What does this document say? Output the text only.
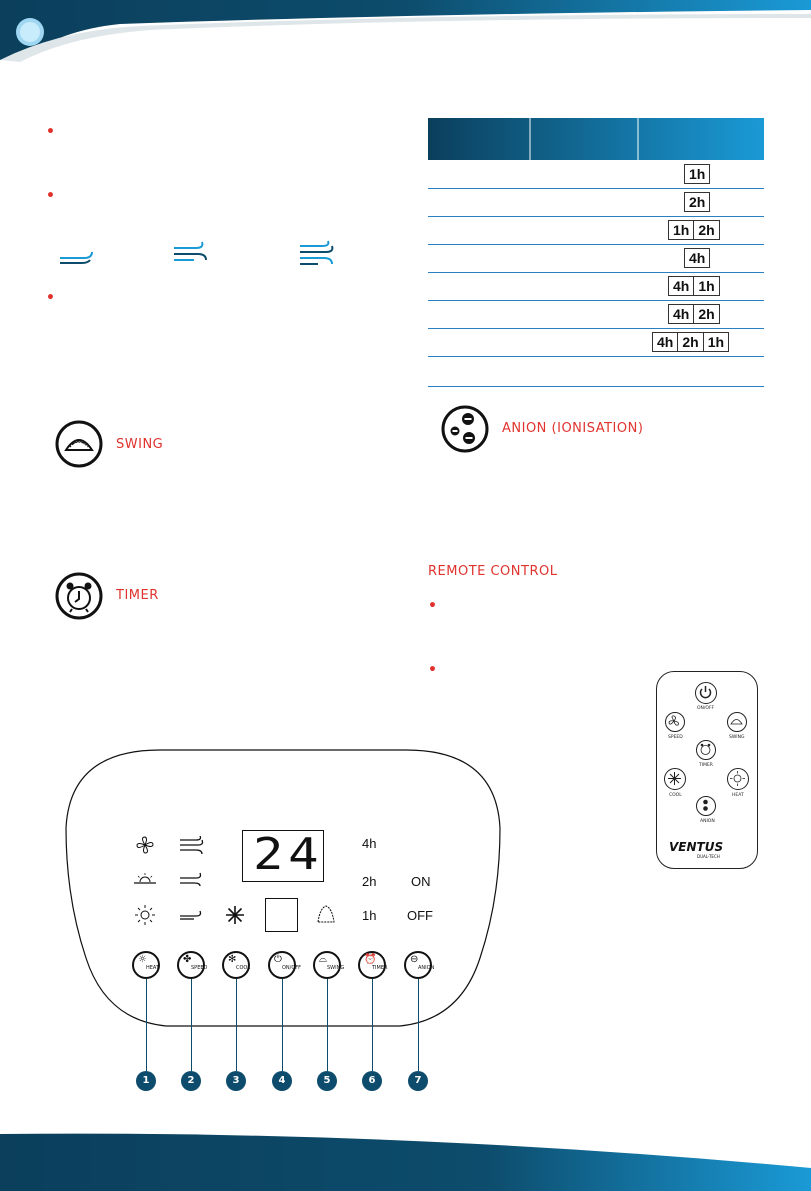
•
•
•
1h
2h
1h 2h
4h
4h 1h
4h 2h
4h 2h 1h
SWING
ANION (IONISATION)
TIMER
REMOTE CONTROL
•
•
ON/OFF
SPEED	SWING
TIMER
COOL	HEAT
ANION
VENTUS
DUAL-TECH
24	4h
2h
1h
ON
OFF
☼
HEAT
✤
SPEED
✻
COOL
⏻
ON/OFF
⌓
SWING
⏰
TIMER
⊖
ANION
1	2	3	4	5	6	7
